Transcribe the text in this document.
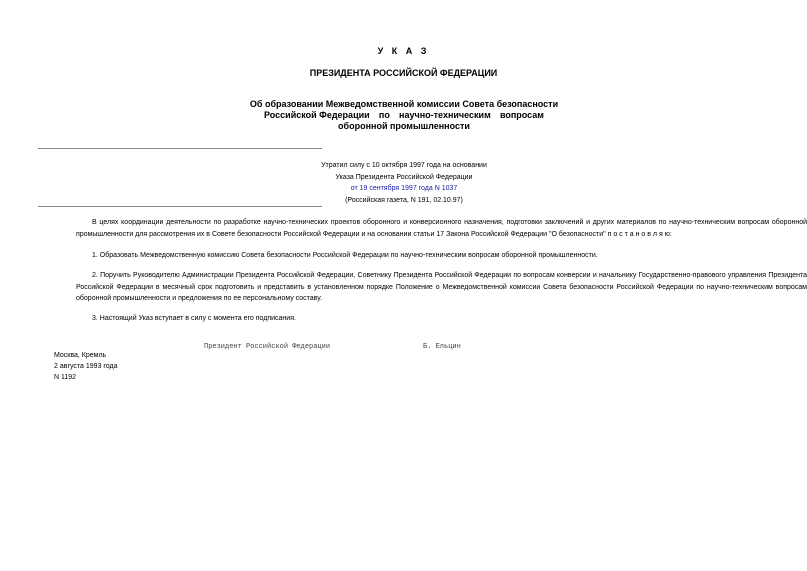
У К А З
ПРЕЗИДЕНТА РОССИЙСКОЙ ФЕДЕРАЦИИ
Об образовании Межведомственной комиссии Совета безопасности
Российской Федерации по научно-техническим вопросам
оборонной промышленности
Утратил силу с 10 октября 1997 года на основании
Указа Президента Российской Федерации
от 19 сентября 1997 года N 1037
(Российская газета, N 191, 02.10.97)
В целях координации деятельности по разработке научно-технических проектов оборонного и конверсионного назначения, подготовки заключений и других материалов по научно-техническим вопросам оборонной промышленности для рассмотрения их в Совете безопасности Российской Федерации и на основании статьи 17 Закона Российской Федерации "О безопасности" п о с т а н о в л я ю:
1. Образовать Межведомственную комиссию Совета безопасности Российской Федерации по научно-техническим вопросам оборонной промышленности.
2. Поручить Руководителю Администрации Президента Российской Федерации, Советнику Президента Российской Федерации по вопросам конверсии и начальнику Государственно-правового управления Президента Российской Федерации в месячный срок подготовить и представить в установленном порядке Положение о Межведомственной комиссии Совета безопасности Российской Федерации по научно-техническим вопросам оборонной промышленности и предложения по ее персональному составу.
3. Настоящий Указ вступает в силу с момента его подписания.
Президент Российской Федерации	Б. Ельцин
Москва, Кремль
2 августа 1993 года
N 1192
